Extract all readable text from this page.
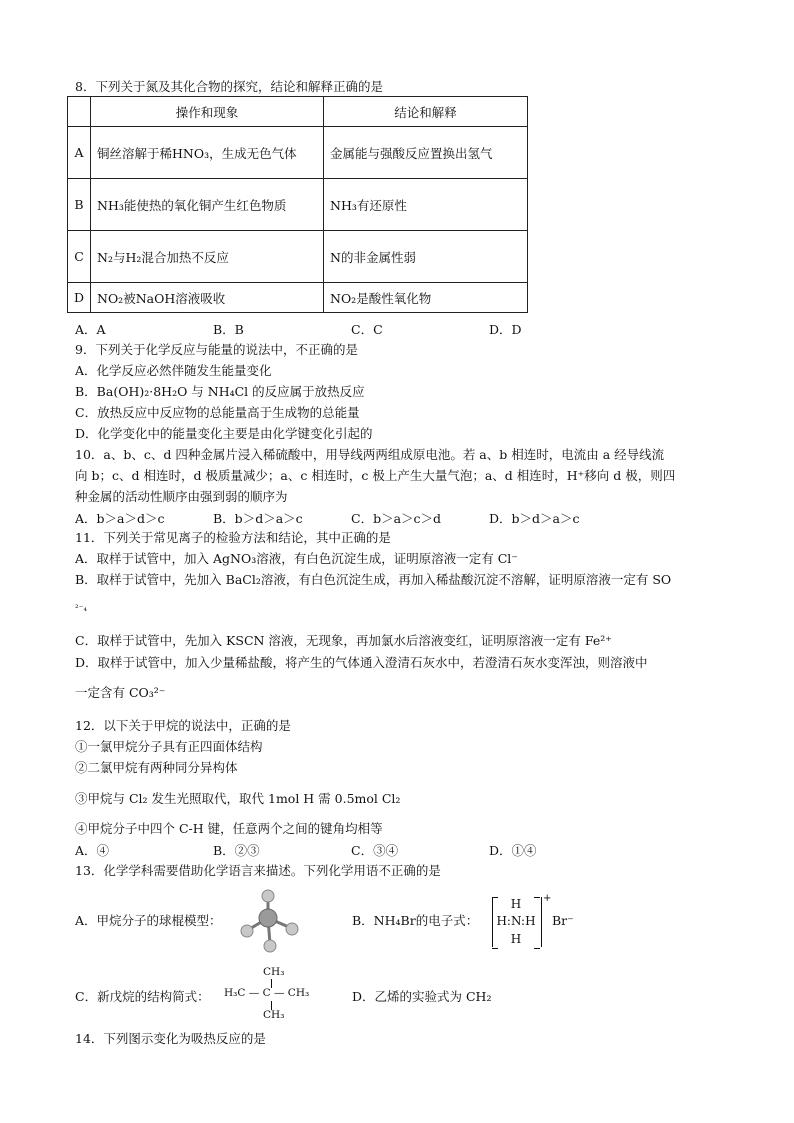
8．下列关于氮及其化合物的探究，结论和解释正确的是
	操作和现象	结论和解释
A	铜丝溶解于稀HNO₃，生成无色气体	金属能与强酸反应置换出氢气
B	NH₃能使热的氧化铜产生红色物质	NH₃有还原性
C	N₂与H₂混合加热不反应	N的非金属性弱
D	NO₂被NaOH溶液吸收	NO₂是酸性氧化物
A．A	B．B	C．C	D．D
9．下列关于化学反应与能量的说法中，不正确的是
A．化学反应必然伴随发生能量变化
B．Ba(OH)₂·8H₂O 与 NH₄Cl 的反应属于放热反应
C．放热反应中反应物的总能量高于生成物的总能量
D．化学变化中的能量变化主要是由化学键变化引起的
10．a、b、c、d 四种金属片浸入稀硫酸中，用导线两两组成原电池。若 a、b 相连时，电流由 a 经导线流
向 b；c、d 相连时，d 极质量减少；a、c 相连时，c 极上产生大量气泡；a、d 相连时，H⁺移向 d 极，则四
种金属的活动性顺序由强到弱的顺序为
A．b＞a＞d＞c	B．b＞d＞a＞c	C．b＞a＞c＞d	D．b＞d＞a＞c
11．下列关于常见离子的检验方法和结论，其中正确的是
A．取样于试管中，加入 AgNO₃溶液，有白色沉淀生成，证明原溶液一定有 Cl⁻
B．取样于试管中，先加入 BaCl₂溶液，有白色沉淀生成，再加入稀盐酸沉淀不溶解，证明原溶液一定有 SO
²⁻₄
C．取样于试管中，先加入 KSCN 溶液，无现象，再加氯水后溶液变红，证明原溶液一定有 Fe²⁺
D．取样于试管中，加入少量稀盐酸，将产生的气体通入澄清石灰水中，若澄清石灰水变浑浊，则溶液中
一定含有 CO₃²⁻
12．以下关于甲烷的说法中，正确的是
①一氯甲烷分子具有正四面体结构
②二氯甲烷有两种同分异构体
③甲烷与 Cl₂ 发生光照取代，取代 1mol H 需 0.5mol Cl₂
④甲烷分子中四个 C-H 键，任意两个之间的键角均相等
A．④	B．②③	C．③④	D．①④
13．化学学科需要借助化学语言来描述。下列化学用语不正确的是
A．甲烷分子的球棍模型：	B．NH₄Br的电子式：
H
H:N:H
H
+
Br⁻
C．新戊烷的结构简式：
CH₃
H₃C — C — CH₃
CH₃
D．乙烯的实验式为 CH₂
14．下列图示变化为吸热反应的是
